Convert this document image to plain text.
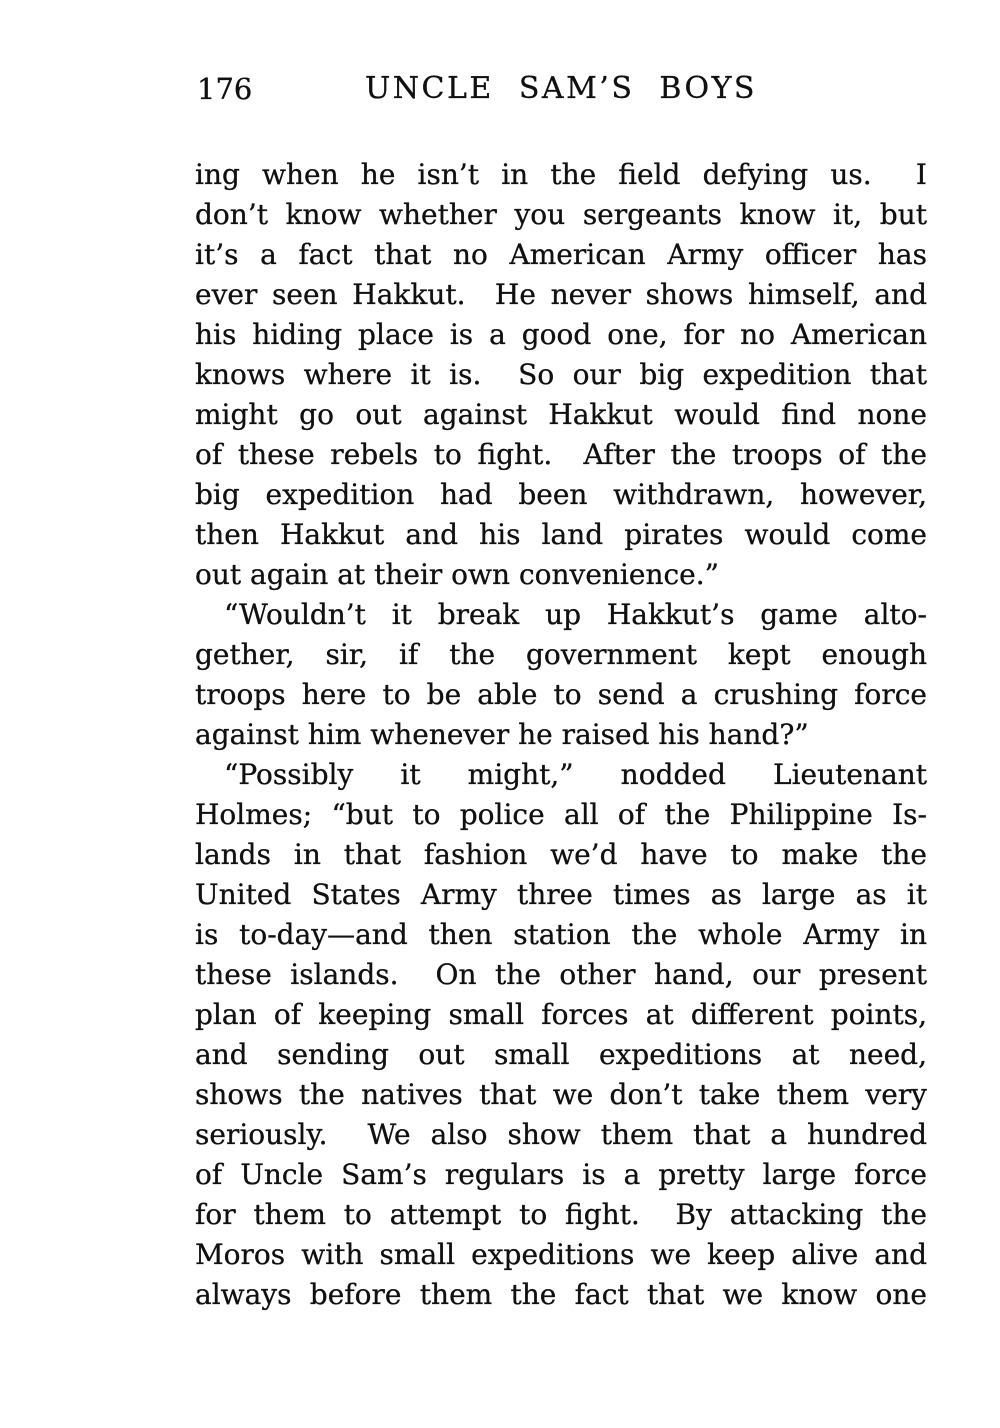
176	UNCLE SAM’S BOYS
ing when he isn’t in the field defying us.  I
don’t know whether you sergeants know it, but
it’s a fact that no American Army officer has
ever seen Hakkut.  He never shows himself, and
his hiding place is a good one, for no American
knows where it is.  So our big expedition that
might go out against Hakkut would find none
of these rebels to fight.  After the troops of the
big expedition had been withdrawn, however,
then Hakkut and his land pirates would come
out again at their own convenience.”
“Wouldn’t it break up Hakkut’s game alto-
gether, sir, if the government kept enough
troops here to be able to send a crushing force
against him whenever he raised his hand?”
“Possibly it might,” nodded Lieutenant
Holmes; “but to police all of the Philippine Is-
lands in that fashion we’d have to make the
United States Army three times as large as it
is to-day—and then station the whole Army in
these islands.  On the other hand, our present
plan of keeping small forces at different points,
and sending out small expeditions at need,
shows the natives that we don’t take them very
seriously.  We also show them that a hundred
of Uncle Sam’s regulars is a pretty large force
for them to attempt to fight.  By attacking the
Moros with small expeditions we keep alive and
always before them the fact that we know one
